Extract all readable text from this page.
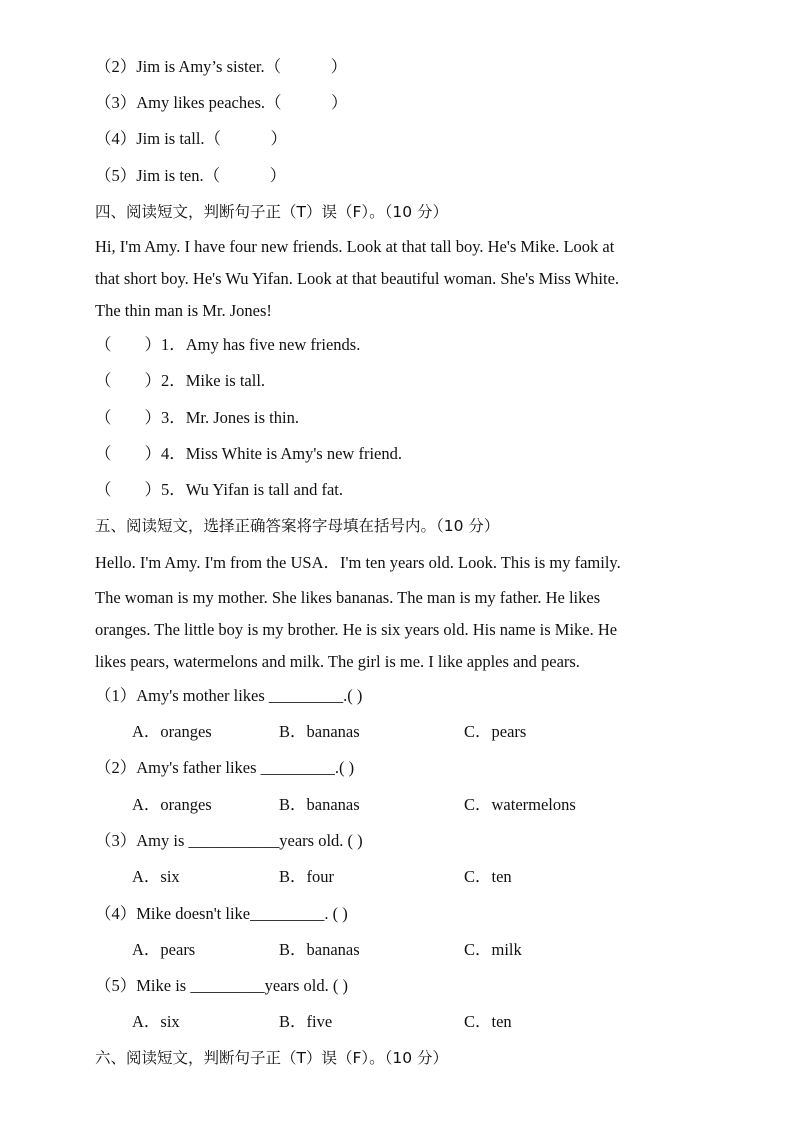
（2）Jim is Amy’s sister.（　　　）
（3）Amy likes peaches.（　　　）
（4）Jim is tall.（　　　）
（5）Jim is ten.（　　　）
四、阅读短文，判断句子正（T）误（F）。（10 分）
Hi, I'm Amy. I have four new friends. Look at that tall boy. He's Mike. Look at
that short boy. He's Wu Yifan. Look at that beautiful woman. She's Miss White.
The thin man is Mr. Jones!
（　　）1．Amy has five new friends.
（　　）2．Mike is tall.
（　　）3．Mr. Jones is thin.
（　　）4．Miss White is Amy's new friend.
（　　）5．Wu Yifan is tall and fat.
五、阅读短文，选择正确答案将字母填在括号内。（10 分）
Hello. I'm Amy. I'm from the USA．I'm ten years old. Look. This is my family.
The woman is my mother. She likes bananas. The man is my father. He likes
oranges. The little boy is my brother. He is six years old. His name is Mike. He
likes pears, watermelons and milk. The girl is me. I like apples and pears.
（1）Amy's mother likes _________.( )
A．oranges	B．bananas	C．pears
（2）Amy's father likes _________.( )
A．oranges	B．bananas	C．watermelons
（3）Amy is ___________years old. ( )
A．six	B．four	C．ten
（4）Mike doesn't like_________. ( )
A．pears	B．bananas	C．milk
（5）Mike is _________years old. ( )
A．six	B．five	C．ten
六、阅读短文，判断句子正（T）误（F）。（10 分）
